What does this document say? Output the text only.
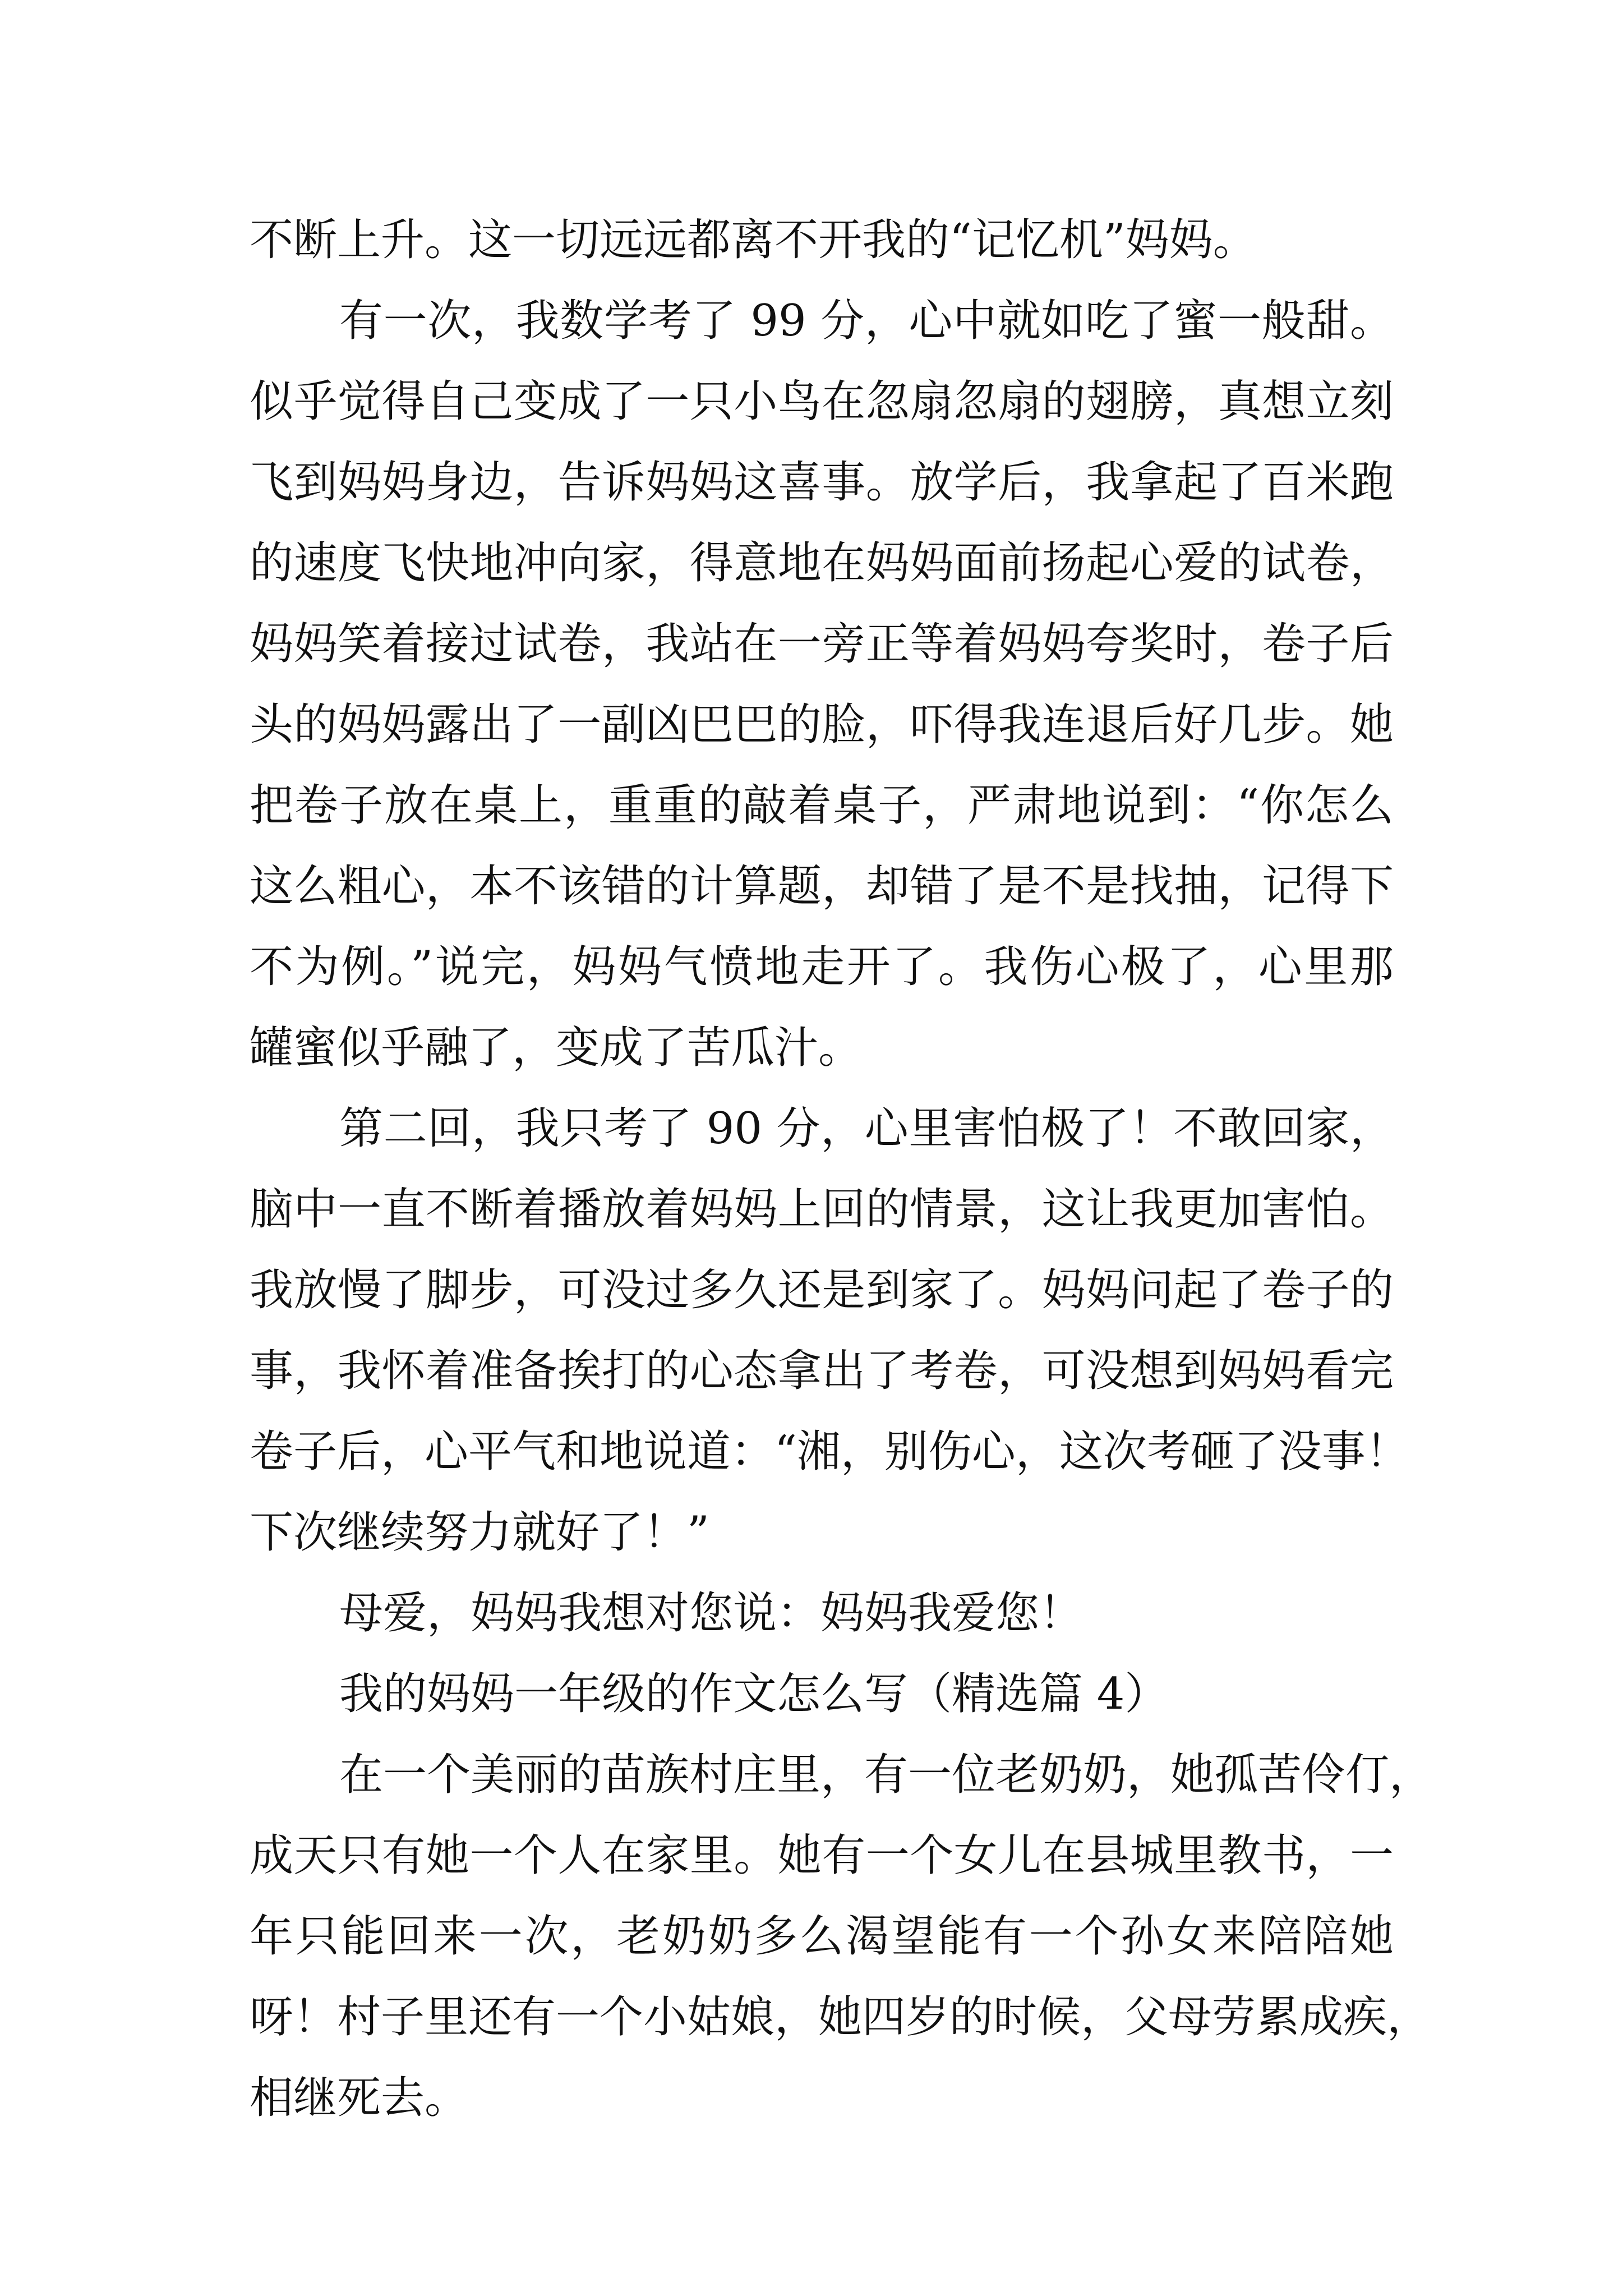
不断上升。这一切远远都离不开我的“记忆机”妈妈。
有一次，我数学考了 99 分，心中就如吃了蜜一般甜。
似乎觉得自己变成了一只小鸟在忽扇忽扇的翅膀，真想立刻
飞到妈妈身边，告诉妈妈这喜事。放学后，我拿起了百米跑
的速度飞快地冲向家，得意地在妈妈面前扬起心爱的试卷，
妈妈笑着接过试卷，我站在一旁正等着妈妈夸奖时，卷子后
头的妈妈露出了一副凶巴巴的脸，吓得我连退后好几步。她
把卷子放在桌上，重重的敲着桌子，严肃地说到：“你怎么
这么粗心，本不该错的计算题，却错了是不是找抽，记得下
不为例。”说完，妈妈气愤地走开了。我伤心极了，心里那
罐蜜似乎融了，变成了苦瓜汁。
第二回，我只考了 90 分，心里害怕极了！不敢回家，
脑中一直不断着播放着妈妈上回的情景，这让我更加害怕。
我放慢了脚步，可没过多久还是到家了。妈妈问起了卷子的
事，我怀着准备挨打的心态拿出了考卷，可没想到妈妈看完
卷子后，心平气和地说道：“湘，别伤心，这次考砸了没事！
下次继续努力就好了！”
母爱，妈妈我想对您说：妈妈我爱您！
我的妈妈一年级的作文怎么写（精选篇 4）
在一个美丽的苗族村庄里，有一位老奶奶，她孤苦伶仃，
成天只有她一个人在家里。她有一个女儿在县城里教书，一
年只能回来一次，老奶奶多么渴望能有一个孙女来陪陪她
呀！村子里还有一个小姑娘，她四岁的时候，父母劳累成疾，
相继死去。
